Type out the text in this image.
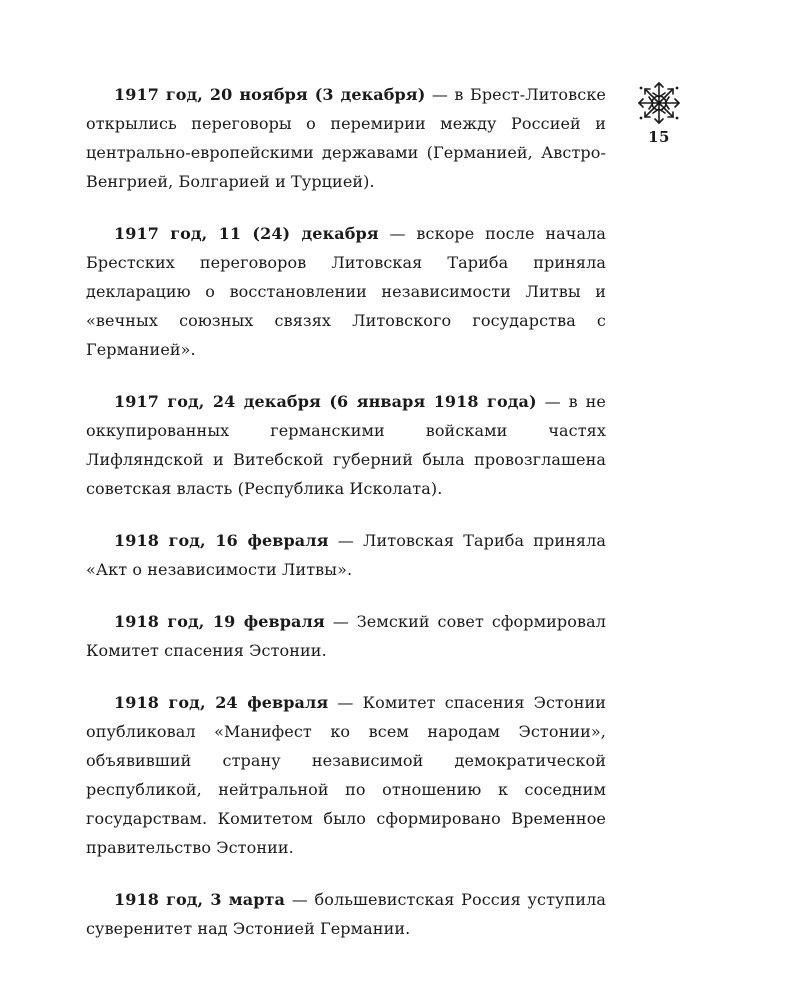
15

1917 год, 20 ноября (3 декабря) — в Брест-Литовске открылись переговоры о перемирии между Россией и центрально-европейскими державами (Германией, Австро-Венгрией, Болгарией и Турцией).

1917 год, 11 (24) декабря — вскоре после начала Брестских переговоров Литовская Тариба приняла декларацию о восстановлении независимости Литвы и «вечных союзных связях Литовского государства с Германией».

1917 год, 24 декабря (6 января 1918 года) — в не оккупированных германскими войсками частях Лифляндской и Витебской губерний была провозглашена советская власть (Республика Исколата).

1918 год, 16 февраля — Литовская Тариба приняла «Акт о независимости Литвы».

1918 год, 19 февраля — Земский совет сформировал Комитет спасения Эстонии.

1918 год, 24 февраля — Комитет спасения Эстонии опубликовал «Манифест ко всем народам Эстонии», объявивший страну независимой демократической республикой, нейтральной по отношению к соседним государствам. Комитетом было сформировано Временное правительство Эстонии.

1918 год, 3 марта — большевистская Россия уступила суверенитет над Эстонией Германии.
